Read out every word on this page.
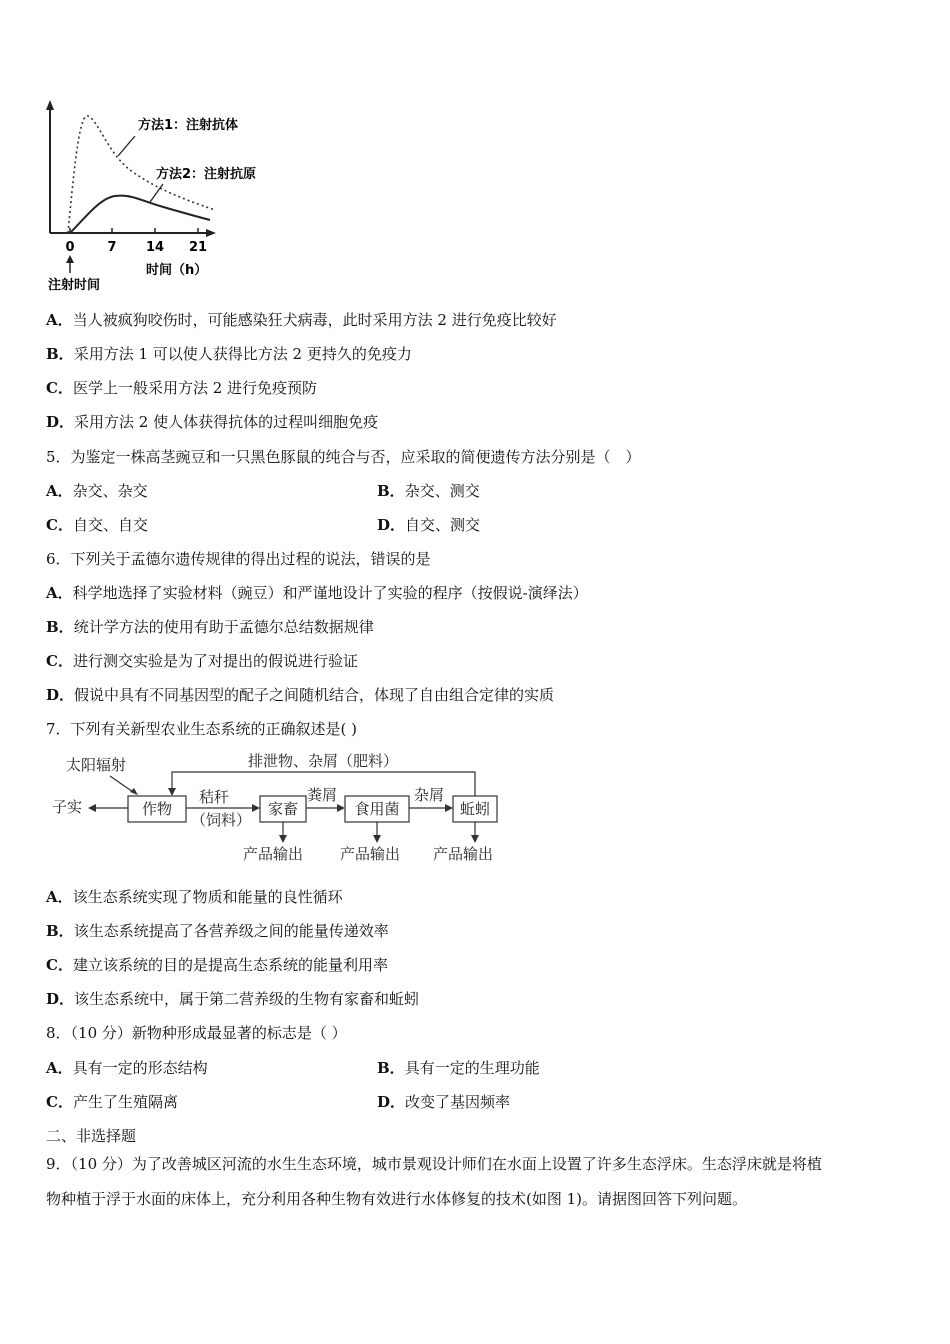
方法1：注射抗体
方法2：注射抗原
0	7 14 21
时间（h）
注射时间
A．当人被疯狗咬伤时，可能感染狂犬病毒，此时采用方法 2 进行免疫比较好
B．采用方法 1 可以使人获得比方法 2 更持久的免疫力
C．医学上一般采用方法 2 进行免疫预防
D．采用方法 2 使人体获得抗体的过程叫细胞免疫
5．为鉴定一株高茎豌豆和一只黑色豚鼠的纯合与否，应采取的简便遗传方法分别是（　）
A．杂交、杂交	B．杂交、测交
C．自交、自交	D．自交、测交
6．下列关于孟德尔遗传规律的得出过程的说法，错误的是
A．科学地选择了实验材料（豌豆）和严谨地设计了实验的程序（按假说-演绎法）
B．统计学方法的使用有助于孟德尔总结数据规律
C．进行测交实验是为了对提出的假说进行验证
D．假说中具有不同基因型的配子之间随机结合，体现了自由组合定律的实质
7．下列有关新型农业生态系统的正确叙述是( )
太阳辐射	排泄物、杂屑（肥料）
子实
秸秆
（饲料）
粪屑	杂屑
产品输出 产品输出 产品输出
作物	家畜	食用菌	蚯蚓
A．该生态系统实现了物质和能量的良性循环
B．该生态系统提高了各营养级之间的能量传递效率
C．建立该系统的目的是提高生态系统的能量利用率
D．该生态系统中，属于第二营养级的生物有家畜和蚯蚓
8．（10 分）新物种形成最显著的标志是（ ）
A．具有一定的形态结构	B．具有一定的生理功能
C．产生了生殖隔离	D．改变了基因频率
二、非选择题
9．（10 分）为了改善城区河流的水生生态环境，城市景观设计师们在水面上设置了许多生态浮床。生态浮床就是将植
物种植于浮于水面的床体上，充分利用各种生物有效进行水体修复的技术(如图 1)。请据图回答下列问题。
